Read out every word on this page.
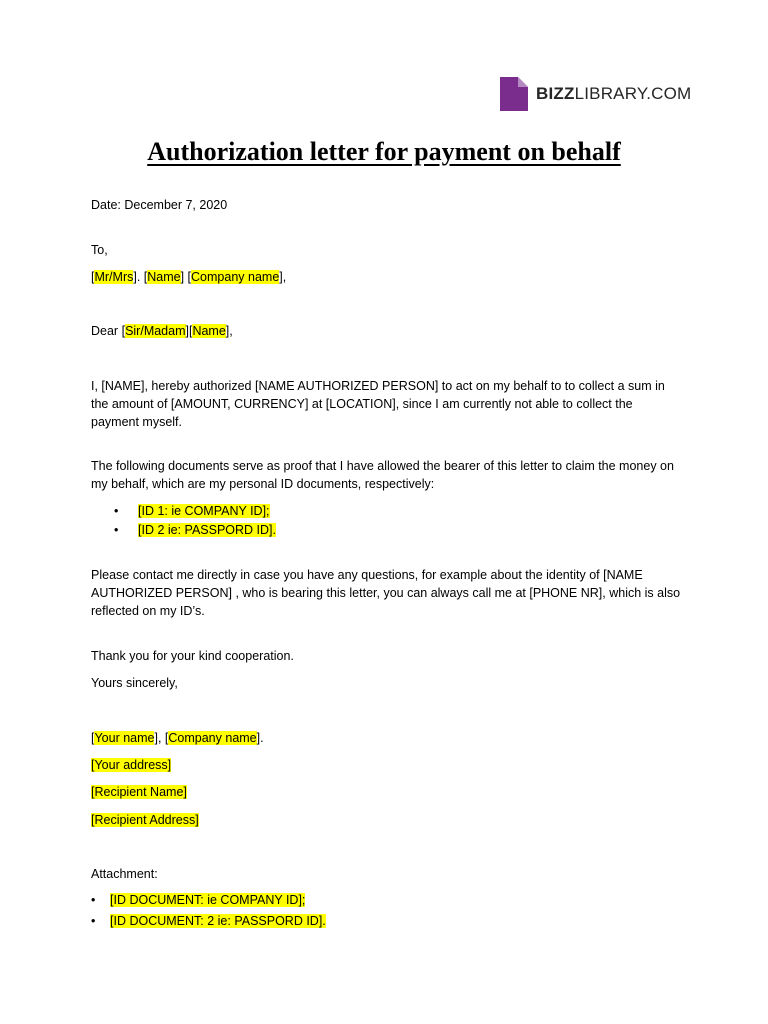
BIZZLIBRARY.COM
Authorization letter for payment on behalf
Date: December 7, 2020
To,
[Mr/Mrs]. [Name] [Company name],
Dear [Sir/Madam][Name],
I, [NAME], hereby authorized [NAME AUTHORIZED PERSON] to act on my behalf to to collect a sum in the amount of [AMOUNT, CURRENCY] at [LOCATION], since I am currently not able to collect the payment myself.
The following documents serve as proof that I have allowed the bearer of this letter to claim the money on my behalf, which are my personal ID documents, respectively:
• [ID 1: ie COMPANY ID];
• [ID 2 ie: PASSPORD ID].
Please contact me directly in case you have any questions, for example about the identity of [NAME AUTHORIZED PERSON] , who is bearing this letter, you can always call me at [PHONE NR], which is also reflected on my ID’s.
Thank you for your kind cooperation.
Yours sincerely,
[Your name], [Company name].
[Your address]
[Recipient Name]
[Recipient Address]
Attachment:
• [ID DOCUMENT: ie COMPANY ID];
• [ID DOCUMENT: 2 ie: PASSPORD ID].
